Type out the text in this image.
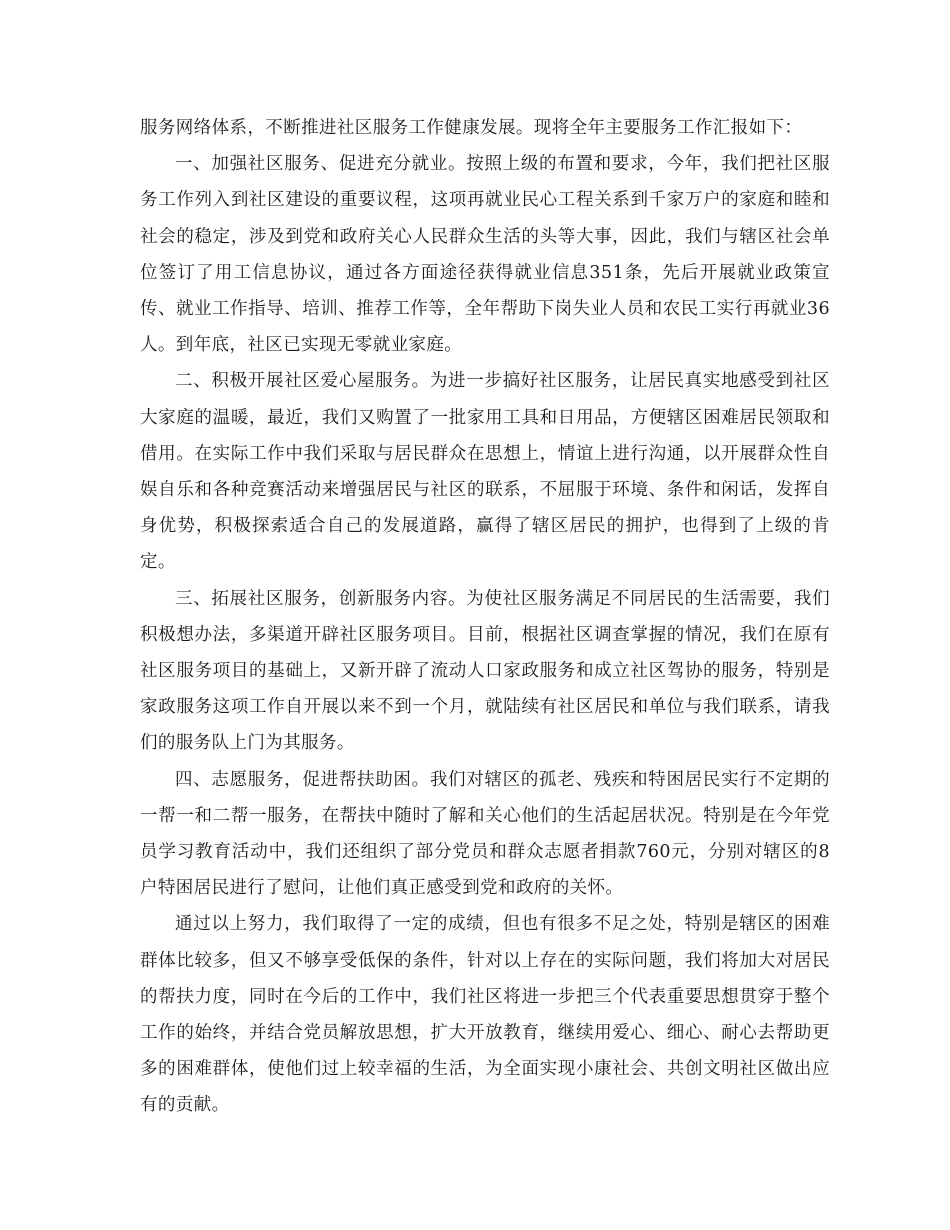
服务网络体系，不断推进社区服务工作健康发展。现将全年主要服务工作汇报如下：

一、加强社区服务、促进充分就业。按照上级的布置和要求，今年，我们把社区服务工作列入到社区建设的重要议程，这项再就业民心工程关系到千家万户的家庭和睦和社会的稳定，涉及到党和政府关心人民群众生活的头等大事，因此，我们与辖区社会单位签订了用工信息协议，通过各方面途径获得就业信息351条，先后开展就业政策宣传、就业工作指导、培训、推荐工作等，全年帮助下岗失业人员和农民工实行再就业36人。到年底，社区已实现无零就业家庭。

二、积极开展社区爱心屋服务。为进一步搞好社区服务，让居民真实地感受到社区大家庭的温暖，最近，我们又购置了一批家用工具和日用品，方便辖区困难居民领取和借用。在实际工作中我们采取与居民群众在思想上，情谊上进行沟通，以开展群众性自娱自乐和各种竞赛活动来增强居民与社区的联系，不屈服于环境、条件和闲话，发挥自身优势，积极探索适合自己的发展道路，赢得了辖区居民的拥护，也得到了上级的肯定。

三、拓展社区服务，创新服务内容。为使社区服务满足不同居民的生活需要，我们积极想办法，多渠道开辟社区服务项目。目前，根据社区调查掌握的情况，我们在原有社区服务项目的基础上，又新开辟了流动人口家政服务和成立社区驾协的服务，特别是家政服务这项工作自开展以来不到一个月，就陆续有社区居民和单位与我们联系，请我们的服务队上门为其服务。

四、志愿服务，促进帮扶助困。我们对辖区的孤老、残疾和特困居民实行不定期的一帮一和二帮一服务，在帮扶中随时了解和关心他们的生活起居状况。特别是在今年党员学习教育活动中，我们还组织了部分党员和群众志愿者捐款760元，分别对辖区的8户特困居民进行了慰问，让他们真正感受到党和政府的关怀。

通过以上努力，我们取得了一定的成绩，但也有很多不足之处，特别是辖区的困难群体比较多，但又不够享受低保的条件，针对以上存在的实际问题，我们将加大对居民的帮扶力度，同时在今后的工作中，我们社区将进一步把三个代表重要思想贯穿于整个工作的始终，并结合党员解放思想，扩大开放教育，继续用爱心、细心、耐心去帮助更多的困难群体，使他们过上较幸福的生活，为全面实现小康社会、共创文明社区做出应有的贡献。
